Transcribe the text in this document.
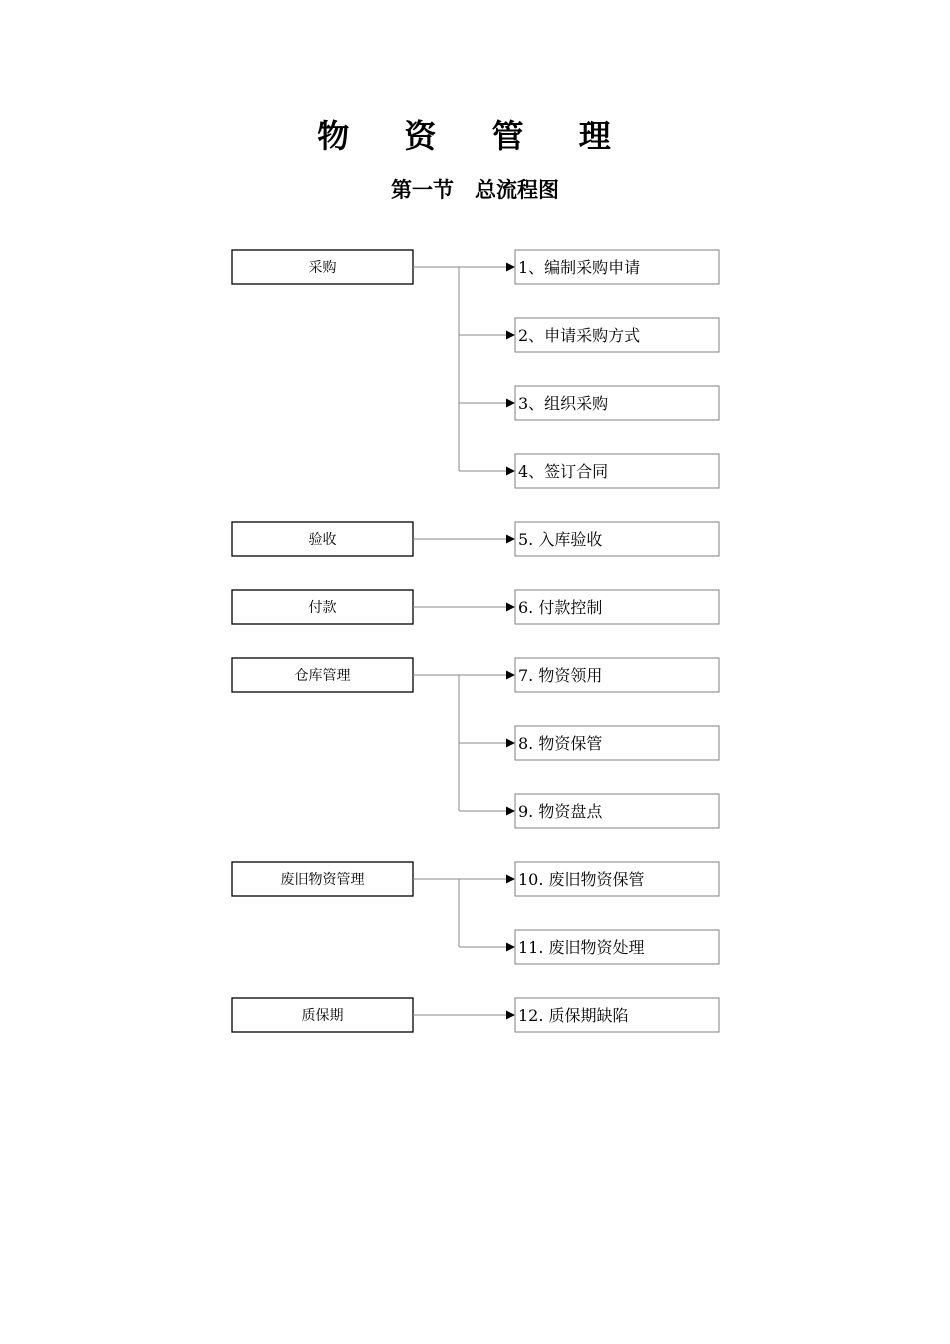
物 资 管 理
第一节　总流程图
采购	1、编制采购申请
2、申请采购方式
3、组织采购
4、签订合同
验收	5. 入库验收
付款	6. 付款控制
仓库管理	7. 物资领用
8. 物资保管
9. 物资盘点
废旧物资管理	10. 废旧物资保管
11. 废旧物资处理
质保期	12. 质保期缺陷
